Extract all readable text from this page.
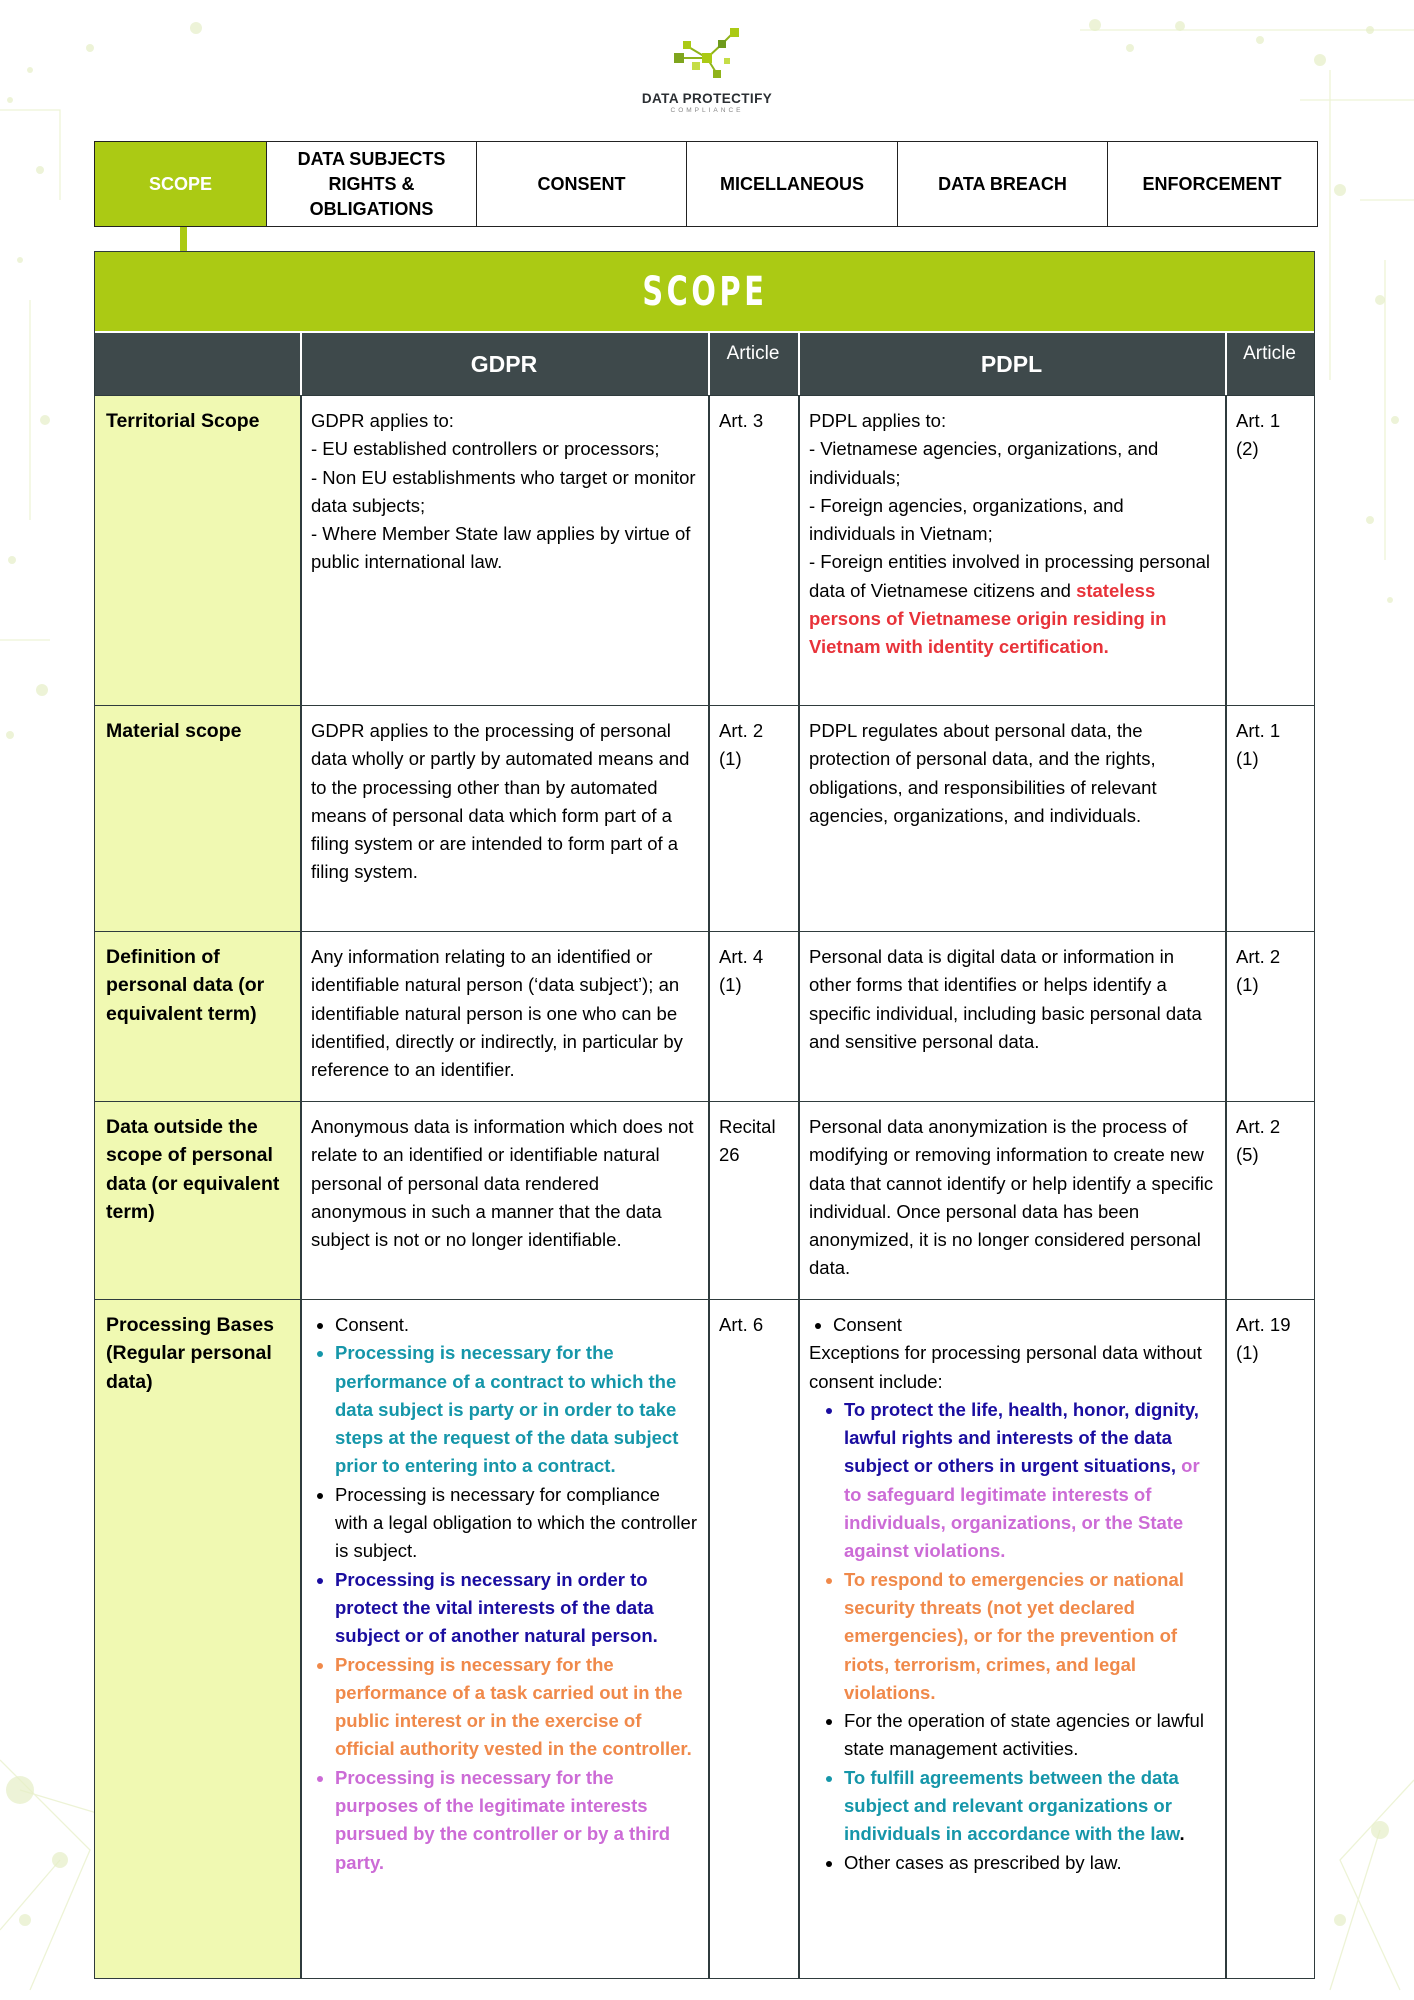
DATA PROTECTIFY
COMPLIANCE
SCOPE
DATA SUBJECTS RIGHTS & OBLIGATIONS
CONSENT	MICELLANEOUS	DATA BREACH	ENFORCEMENT
SCOPE
GDPR	Article	PDPL	Article
Territorial Scope	GDPR applies to:
- EU established controllers or processors;
- Non EU establishments who target or monitor data subjects;
- Where Member State law applies by virtue of public international law.
Art. 3	PDPL applies to:
- Vietnamese agencies, organizations, and individuals;
- Foreign agencies, organizations, and individuals in Vietnam;
- Foreign entities involved in processing personal data of Vietnamese citizens and stateless persons of Vietnamese origin residing in Vietnam with identity certification.
Art. 1 (2)
Material scope	GDPR applies to the processing of personal data wholly or partly by automated means and to the processing other than by automated means of personal data which form part of a filing system or are intended to form part of a filing system.
Art. 2 (1)
PDPL regulates about personal data, the protection of personal data, and the rights, obligations, and responsibilities of relevant agencies, organizations, and individuals.
Art. 1 (1)
Definition of personal data (or equivalent term)
Any information relating to an identified or identifiable natural person (‘data subject’); an identifiable natural person is one who can be identified, directly or indirectly, in particular by reference to an identifier.
Art. 4 (1)
Personal data is digital data or information in other forms that identifies or helps identify a specific individual, including basic personal data and sensitive personal data.
Art. 2 (1)
Data outside the scope of personal data (or equivalent term)
Anonymous data is information which does not relate to an identified or identifiable natural personal of personal data rendered anonymous in such a manner that the data subject is not or no longer identifiable.
Recital 26
Personal data anonymization is the process of modifying or removing information to create new data that cannot identify or help identify a specific individual. Once personal data has been anonymized, it is no longer considered personal data.
Art. 2 (5)
Processing Bases (Regular personal data)
• Consent.
• Processing is necessary for the performance of a contract to which the data subject is party or in order to take steps at the request of the data subject prior to entering into a contract.
• Processing is necessary for compliance with a legal obligation to which the controller is subject.
• Processing is necessary in order to protect the vital interests of the data subject or of another natural person.
• Processing is necessary for the performance of a task carried out in the public interest or in the exercise of official authority vested in the controller.
• Processing is necessary for the purposes of the legitimate interests pursued by the controller or by a third party.
Art. 6
•	Consent
Exceptions for processing personal data without consent include:
• To protect the life, health, honor, dignity, lawful rights and interests of the data subject or others in urgent situations, or to safeguard legitimate interests of individuals, organizations, or the State against violations.
• To respond to emergencies or national security threats (not yet declared emergencies), or for the prevention of riots, terrorism, crimes, and legal violations.
• For the operation of state agencies or lawful state management activities.
• To fulfill agreements between the data subject and relevant organizations or individuals in accordance with the law.
• Other cases as prescribed by law.
Art. 19 (1)
